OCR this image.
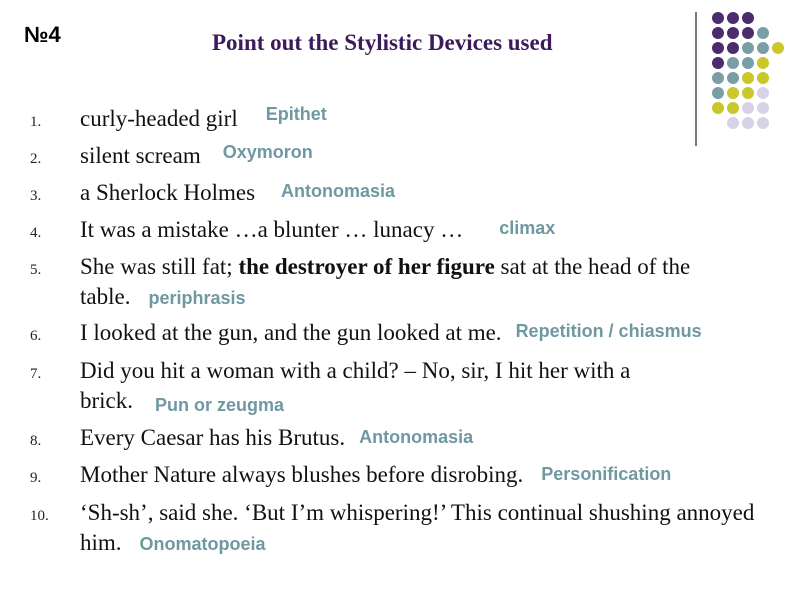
№4	Point out the Stylistic Devices used
1.	curly-headed girl $^{Epithet}$
2.	silent scream $^{Oxymoron}$
3.	a Sherlock Holmes Antonomasia
4.	It was a mistake …a blunter … lunacy … climax
5.	She was still fat; the destroyer of her figure sat at the head of the table. periphrasis
6.	I looked at the gun, and the gun looked at me. Repetition / chiasmus
7.	Did you hit a woman with a child? – No, sir, I hit her with a brick. Pun or zeugma
8.	Every Caesar has his Brutus. Antonomasia
9.	Mother Nature always blushes before disrobing. Personification
10.	‘Sh-sh’, said she. ‘But I’m whispering!’ This continual shushing annoyed him. Onomatopoeia
